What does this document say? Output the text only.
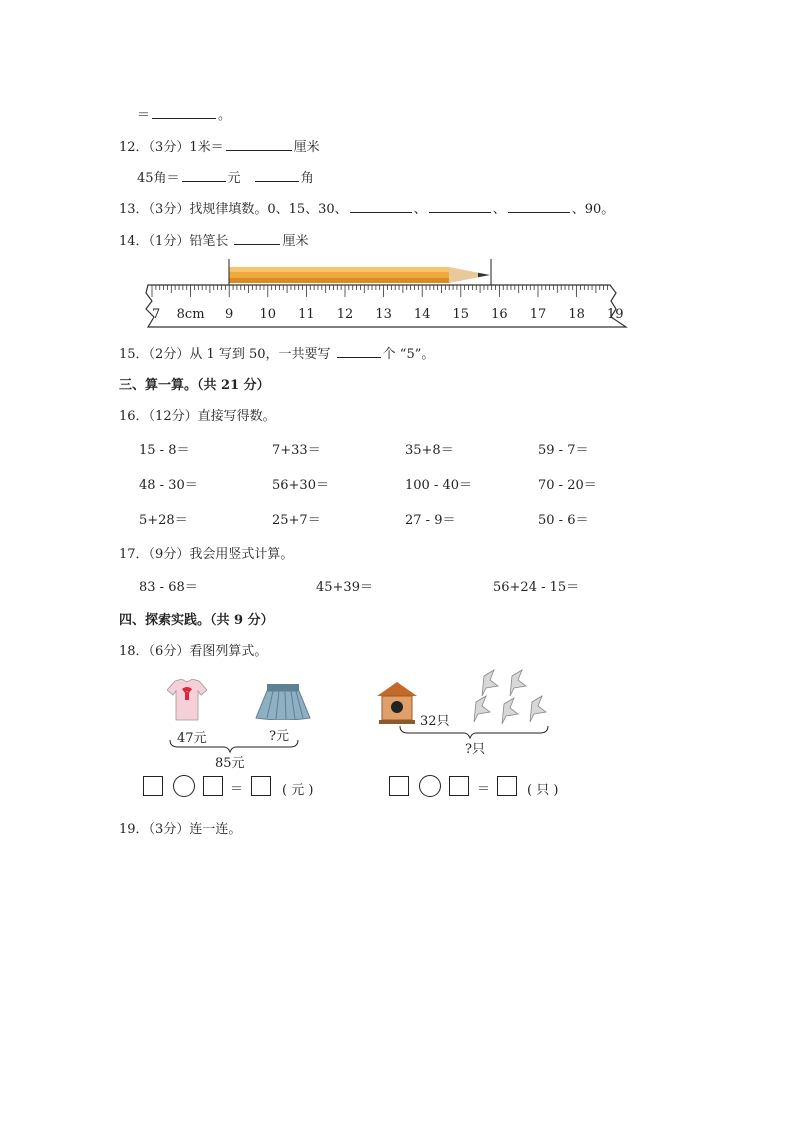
＝	。
12．（3分）1米＝	厘米
45角＝	元	角
13．（3分）找规律填数。0、15、30、	、	、	、90。
14．（1分）铅笔长	厘米
7 8cm 9 10 11 12 13 14 15 16 17 18 19
15．（2分）从 1 写到 50，一共要写	个 “5”。
三、算一算。（共 21 分）
16．（12分）直接写得数。
15 - 8＝	7+33＝	35+8＝	59 - 7＝
48 - 30＝	56+30＝	100 - 40＝	70 - 20＝
5+28＝	25+7＝	27 - 9＝	50 - 6＝
17．（9分）我会用竖式计算。
83 - 68＝	45+39＝	56+24 - 15＝
四、探索实践。（共 9 分）
18．（6分）看图列算式。
47元	?元
85元
＝	( 元 )
32只
?只
＝	( 只 )
19．（3分）连一连。
